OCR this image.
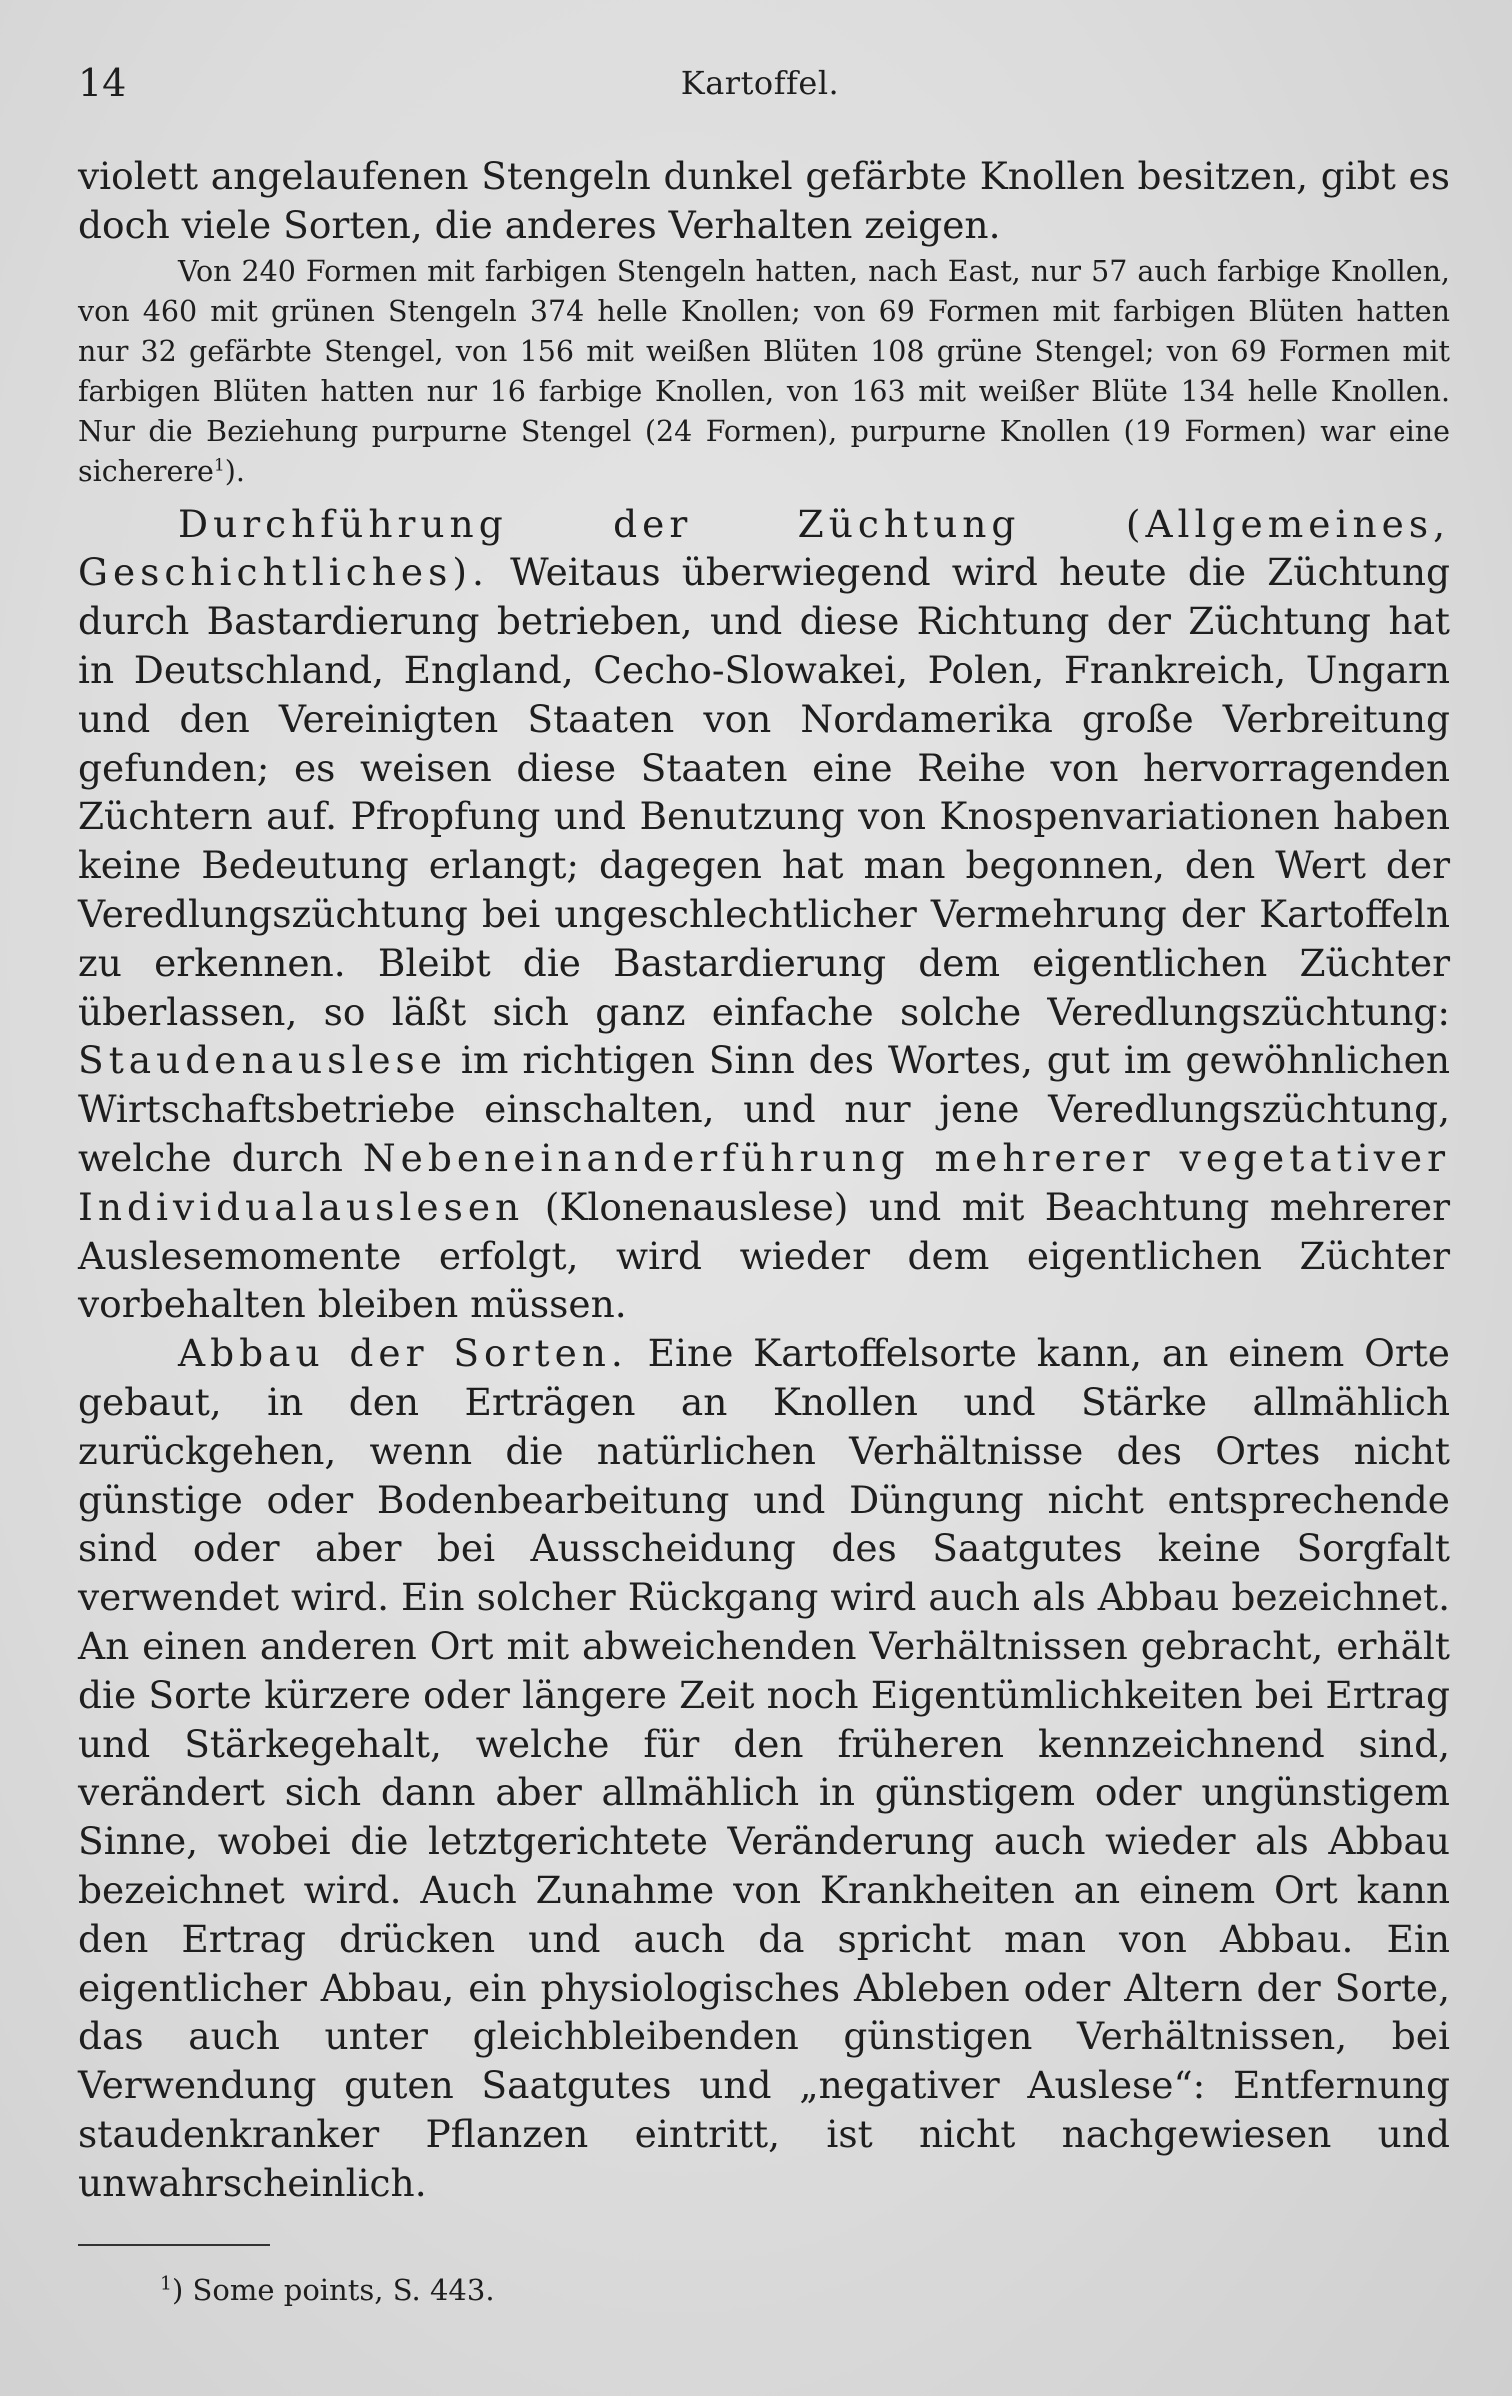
14	Kartoffel.

violett angelaufenen Stengeln dunkel gefärbte Knollen besitzen, gibt es doch viele Sorten, die anderes Verhalten zeigen.

Von 240 Formen mit farbigen Stengeln hatten, nach East, nur 57 auch farbige Knollen, von 460 mit grünen Stengeln 374 helle Knollen; von 69 Formen mit farbigen Blüten hatten nur 32 gefärbte Stengel, von 156 mit weißen Blüten 108 grüne Stengel; von 69 Formen mit farbigen Blüten hatten nur 16 farbige Knollen, von 163 mit weißer Blüte 134 helle Knollen. Nur die Beziehung purpurne Stengel (24 Formen), purpurne Knollen (19 Formen) war eine sicherere$^1$).

Durchführung der Züchtung (Allgemeines, Geschichtliches). Weitaus überwiegend wird heute die Züchtung durch Bastardierung betrieben, und diese Richtung der Züchtung hat in Deutschland, England, Cecho-Slowakei, Polen, Frankreich, Ungarn und den Vereinigten Staaten von Nordamerika große Verbreitung gefunden; es weisen diese Staaten eine Reihe von hervorragenden Züchtern auf. Pfropfung und Benutzung von Knospenvariationen haben keine Bedeutung erlangt; dagegen hat man begonnen, den Wert der Veredlungszüchtung bei ungeschlechtlicher Vermehrung der Kartoffeln zu erkennen. Bleibt die Bastardierung dem eigentlichen Züchter überlassen, so läßt sich ganz einfache solche Veredlungszüchtung: Staudenauslese im richtigen Sinn des Wortes, gut im gewöhnlichen Wirtschaftsbetriebe einschalten, und nur jene Veredlungszüchtung, welche durch Nebeneinanderführung mehrerer vegetativer Individualauslesen (Klonenauslese) und mit Beachtung mehrerer Auslesemomente erfolgt, wird wieder dem eigentlichen Züchter vorbehalten bleiben müssen.

Abbau der Sorten. Eine Kartoffelsorte kann, an einem Orte gebaut, in den Erträgen an Knollen und Stärke allmählich zurückgehen, wenn die natürlichen Verhältnisse des Ortes nicht günstige oder Bodenbearbeitung und Düngung nicht entsprechende sind oder aber bei Ausscheidung des Saatgutes keine Sorgfalt verwendet wird. Ein solcher Rückgang wird auch als Abbau bezeichnet. An einen anderen Ort mit abweichenden Verhältnissen gebracht, erhält die Sorte kürzere oder längere Zeit noch Eigentümlichkeiten bei Ertrag und Stärkegehalt, welche für den früheren kennzeichnend sind, verändert sich dann aber allmählich in günstigem oder ungünstigem Sinne, wobei die letztgerichtete Veränderung auch wieder als Abbau bezeichnet wird. Auch Zunahme von Krankheiten an einem Ort kann den Ertrag drücken und auch da spricht man von Abbau. Ein eigentlicher Abbau, ein physiologisches Ableben oder Altern der Sorte, das auch unter gleichbleibenden günstigen Verhältnissen, bei Verwendung guten Saatgutes und „negativer Auslese“: Entfernung staudenkranker Pflanzen eintritt, ist nicht nachgewiesen und unwahrscheinlich.

$^1$) Some points, S. 443.
